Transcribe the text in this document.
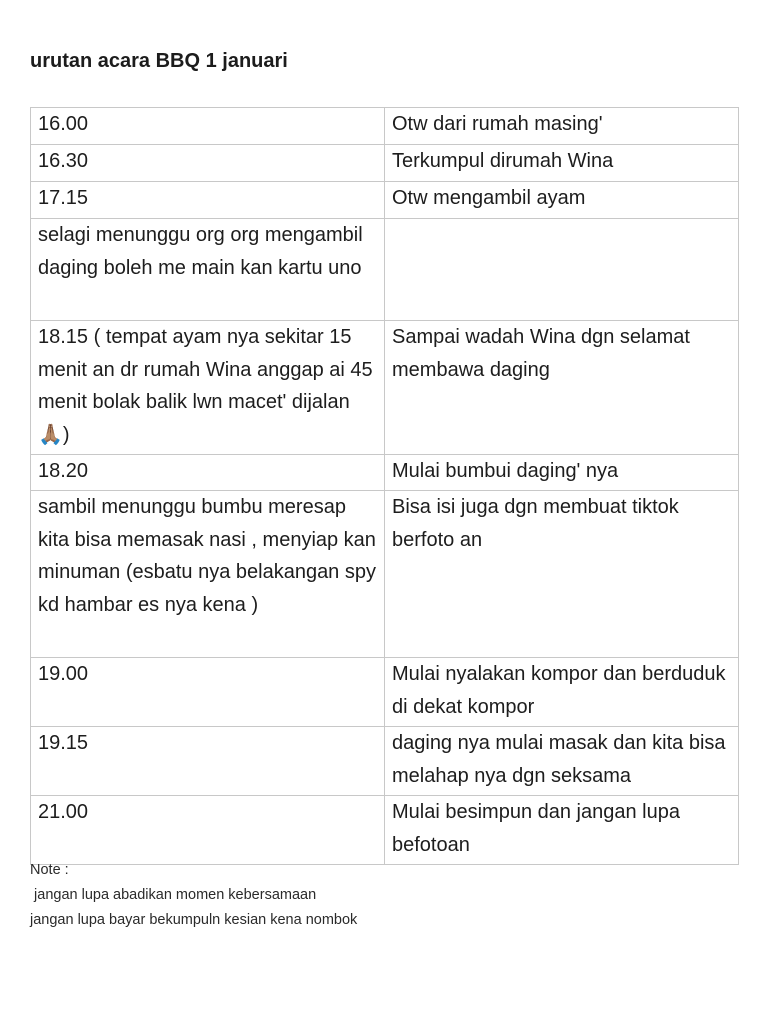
urutan acara BBQ 1 januari
16.00	Otw dari rumah masing'
16.30	Terkumpul dirumah Wina
17.15	Otw mengambil ayam
selagi menunggu org org mengambil daging boleh me main kan kartu uno	
18.15 ( tempat ayam nya sekitar 15 menit an dr rumah Wina anggap ai 45 menit bolak balik lwn macet' dijalan🙏🏽)	Sampai wadah Wina dgn selamat membawa daging
18.20	Mulai bumbui daging' nya
sambil menunggu bumbu meresap kita bisa memasak nasi , menyiap kan minuman (esbatu nya belakangan spy kd hambar es nya kena )	Bisa isi juga dgn membuat tiktok berfoto an
19.00	Mulai nyalakan kompor dan berduduk di dekat kompor
19.15	daging nya mulai masak dan kita bisa melahap nya dgn seksama
21.00	Mulai besimpun dan jangan lupa befotoan
Note :
jangan lupa abadikan momen kebersamaan
jangan lupa bayar bekumpuln kesian kena nombok
